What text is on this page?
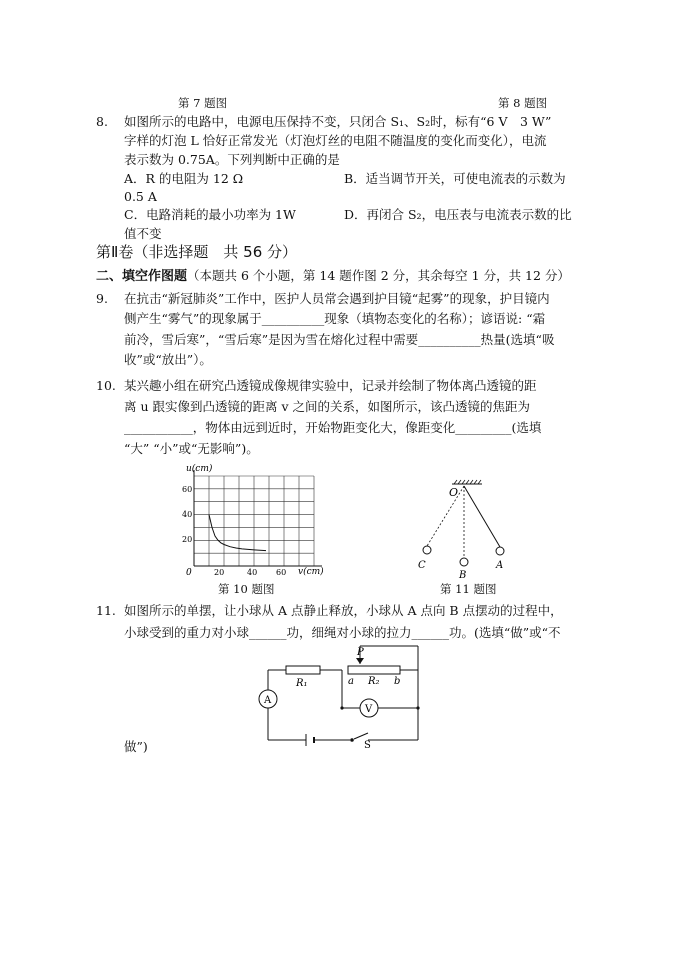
第 7 题图	第 8 题图
8. 如图所示的电路中，电源电压保持不变，只闭合 S₁、S₂时，标有“6 V　3 W”
字样的灯泡 L 恰好正常发光（灯泡灯丝的电阻不随温度的变化而变化），电流
表示数为 0.75A。下列判断中正确的是
A．R 的电阻为 12 Ω	B．适当调节开关，可使电流表的示数为
0.5 A
C．电路消耗的最小功率为 1W	D．再闭合 S₂，电压表与电流表示数的比
值不变
第Ⅱ卷（非选择题　共 56 分）
二、填空作图题（本题共 6 个小题，第 14 题作图 2 分，其余每空 1 分，共 12 分）
9. 在抗击“新冠肺炎”工作中，医护人员常会遇到护目镜“起雾”的现象，护目镜内
侧产生“雾气”的现象属于__________现象（填物态变化的名称）；谚语说: “霜
前冷，雪后寒”，“雪后寒”是因为雪在熔化过程中需要__________热量(选填“吸
收”或“放出”）。
10. 某兴趣小组在研究凸透镜成像规律实验中，记录并绘制了物体离凸透镜的距
离 u 跟实像到凸透镜的距离 v 之间的关系，如图所示，该凸透镜的焦距为
___________，物体由远到近时，开始物距变化大，像距变化_________(选填
“大” “小”或“无影响”)。
u(cm)
v(cm)
0	20	40 60
20
40
60
第 10 题图
O
C
B
A
第 11 题图
11. 如图所示的单摆，让小球从 A 点静止释放，小球从 A 点向 B 点摆动的过程中，
小球受到的重力对小球______功，细绳对小球的拉力______功。(选填“做”或“不
做”)
P
R₁	a R₂ b
A
V
S
